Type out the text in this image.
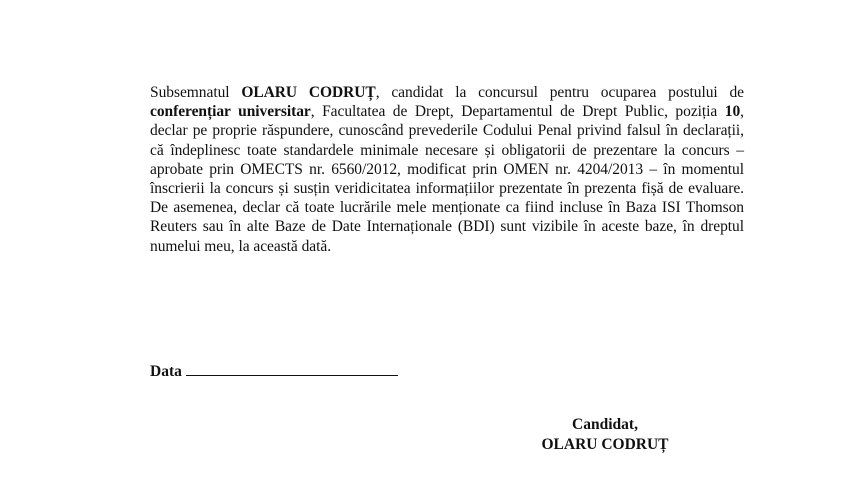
Subsemnatul OLARU CODRUȚ, candidat la concursul pentru ocuparea postului de conferențiar universitar, Facultatea de Drept, Departamentul de Drept Public, poziția 10, declar pe proprie răspundere, cunoscând prevederile Codului Penal privind falsul în declarații, că îndeplinesc toate standardele minimale necesare și obligatorii de prezentare la concurs – aprobate prin OMECTS nr. 6560/2012, modificat prin OMEN nr. 4204/2013 – în momentul înscrierii la concurs și susțin veridicitatea informațiilor prezentate în prezenta fișă de evaluare. De asemenea, declar că toate lucrările mele menționate ca fiind incluse în Baza ISI Thomson Reuters sau în alte Baze de Date Internaționale (BDI) sunt vizibile în aceste baze, în dreptul numelui meu, la această dată.

Data
Candidat,
OLARU CODRUȚ
